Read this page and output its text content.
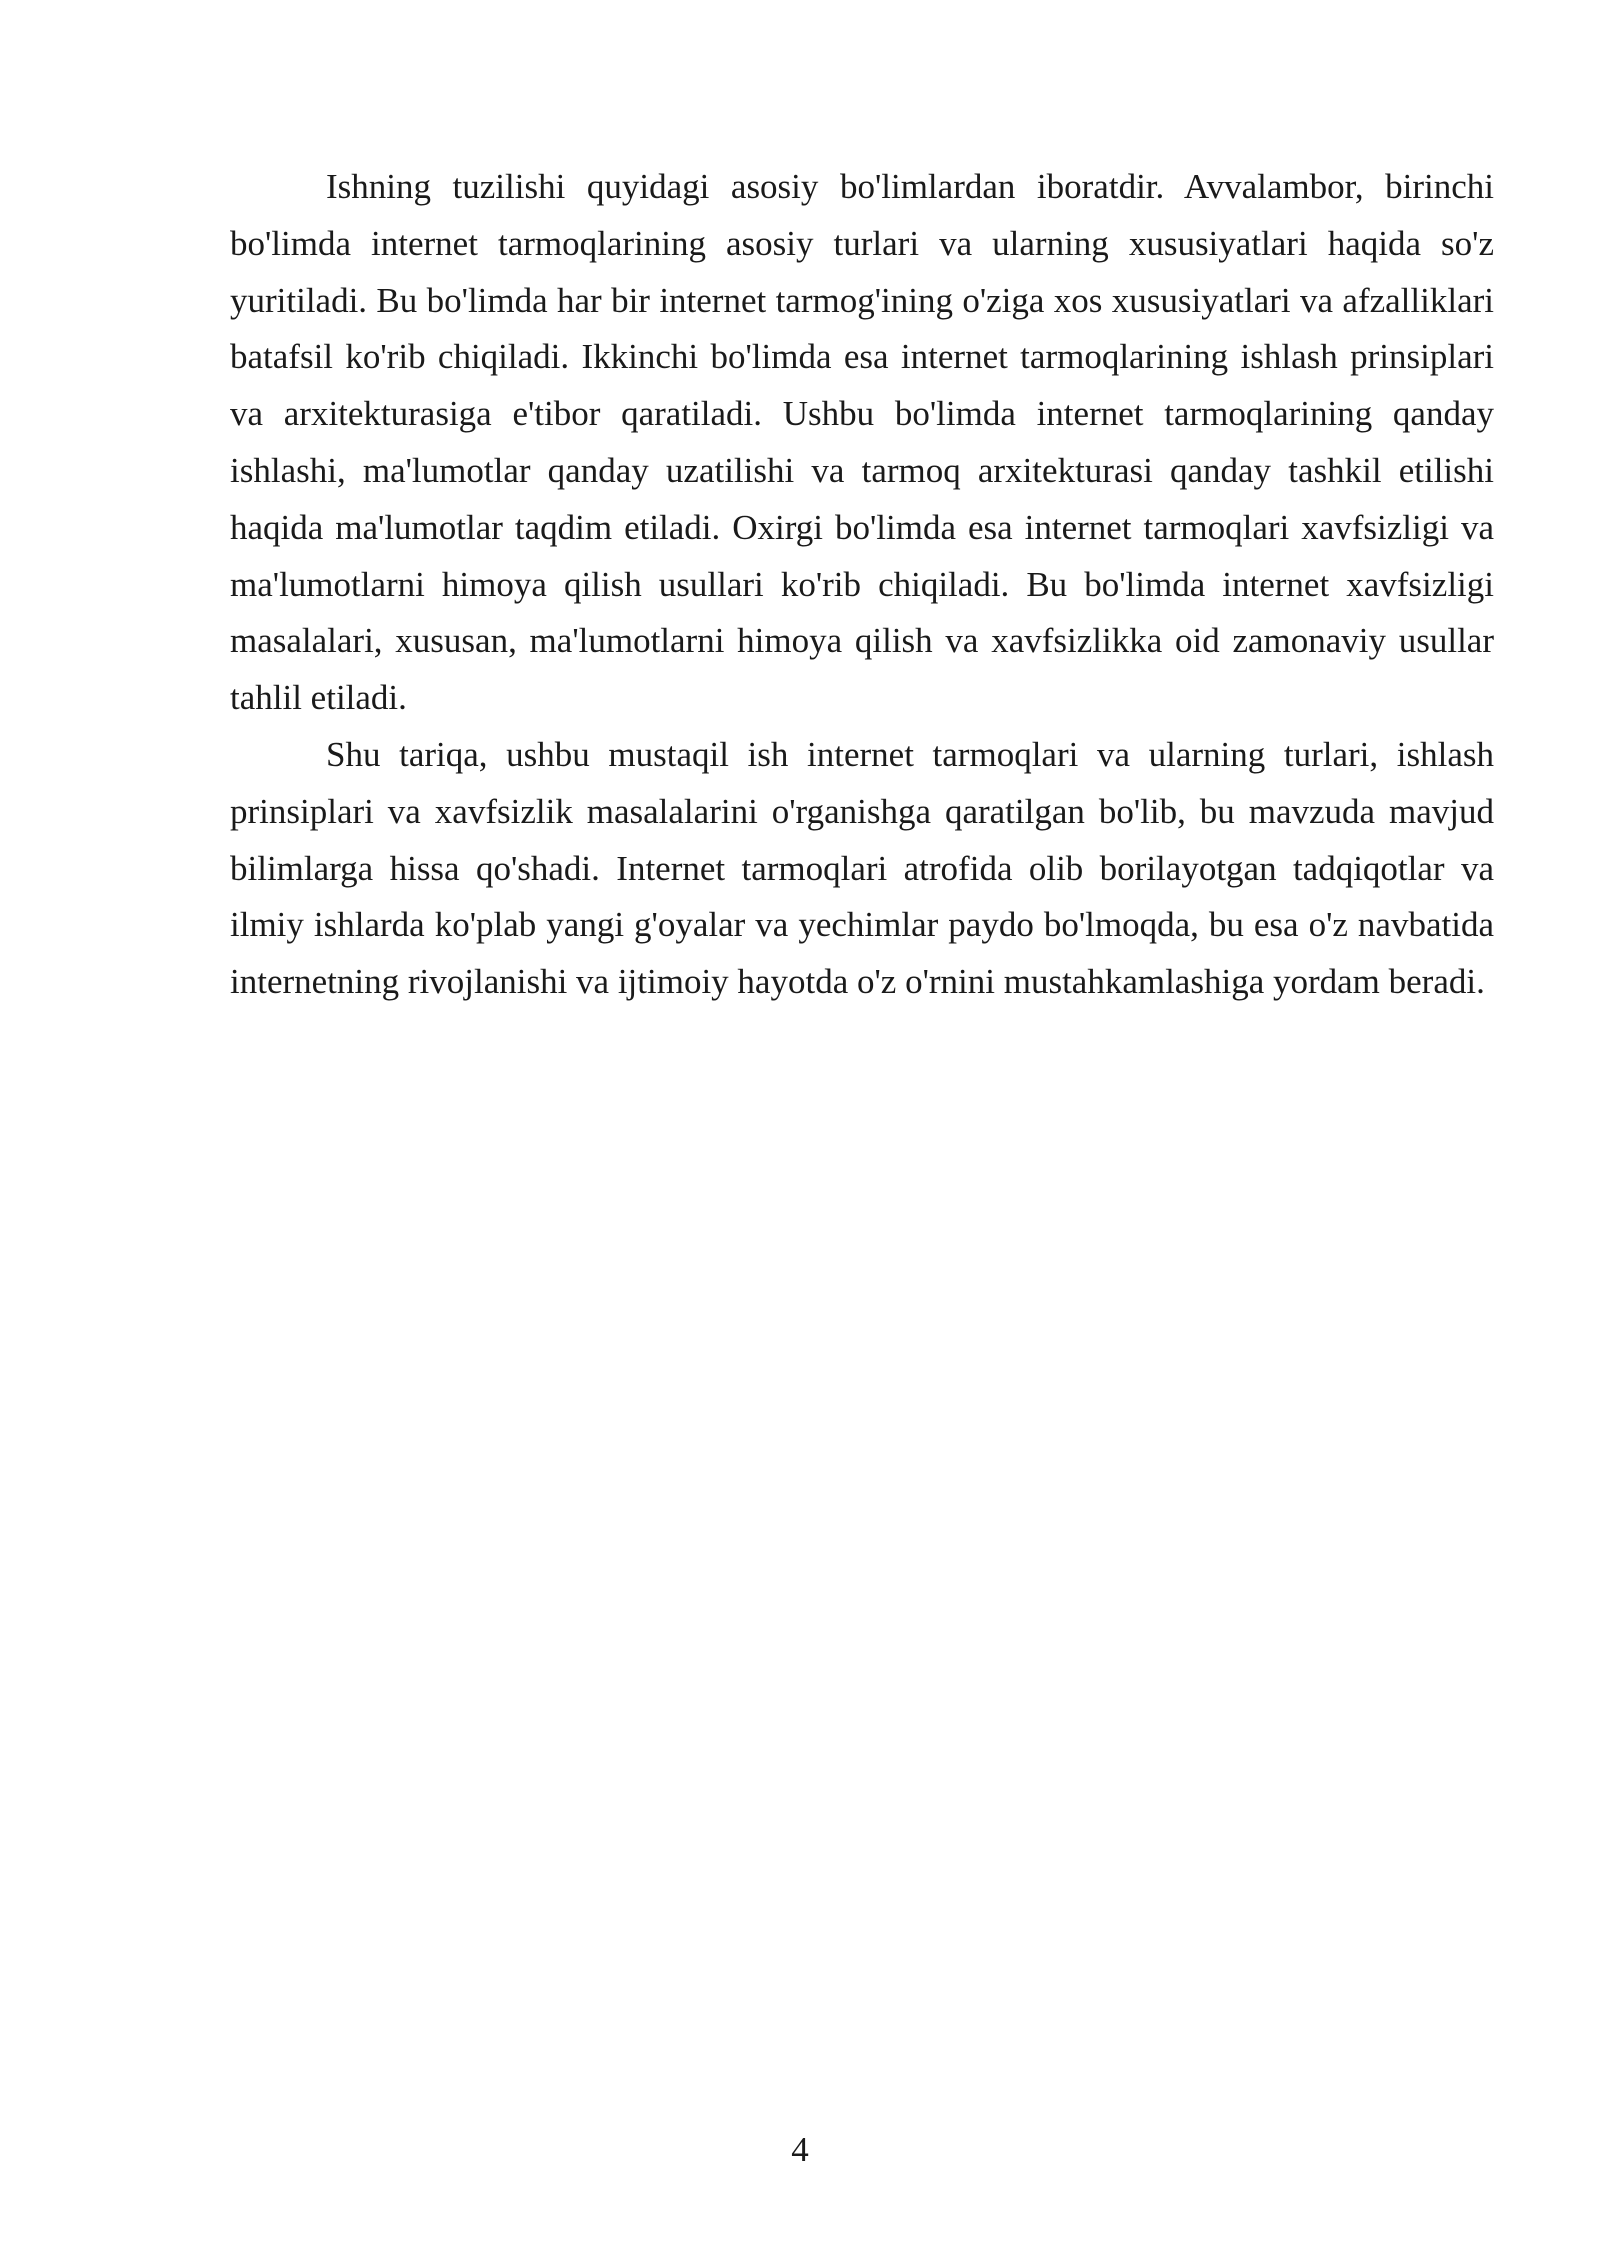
Ishning tuzilishi quyidagi asosiy bo'limlardan iboratdir. Avvalambor, birinchi bo'limda internet tarmoqlarining asosiy turlari va ularning xususiyatlari haqida so'z yuritiladi. Bu bo'limda har bir internet tarmog'ining o'ziga xos xususiyatlari va afzalliklari batafsil ko'rib chiqiladi. Ikkinchi bo'limda esa internet tarmoqlarining ishlash prinsiplari va arxitekturasiga e'tibor qaratiladi. Ushbu bo'limda internet tarmoqlarining qanday ishlashi, ma'lumotlar qanday uzatilishi va tarmoq arxitekturasi qanday tashkil etilishi haqida ma'lumotlar taqdim etiladi. Oxirgi bo'limda esa internet tarmoqlari xavfsizligi va ma'lumotlarni himoya qilish usullari ko'rib chiqiladi. Bu bo'limda internet xavfsizligi masalalari, xususan, ma'lumotlarni himoya qilish va xavfsizlikka oid zamonaviy usullar tahlil etiladi.

Shu tariqa, ushbu mustaqil ish internet tarmoqlari va ularning turlari, ishlash prinsiplari va xavfsizlik masalalarini o'rganishga qaratilgan bo'lib, bu mavzuda mavjud bilimlarga hissa qo'shadi. Internet tarmoqlari atrofida olib borilayotgan tadqiqotlar va ilmiy ishlarda ko'plab yangi g'oyalar va yechimlar paydo bo'lmoqda, bu esa o'z navbatida internetning rivojlanishi va ijtimoiy hayotda o'z o'rnini mustahkamlashiga yordam beradi.

4
